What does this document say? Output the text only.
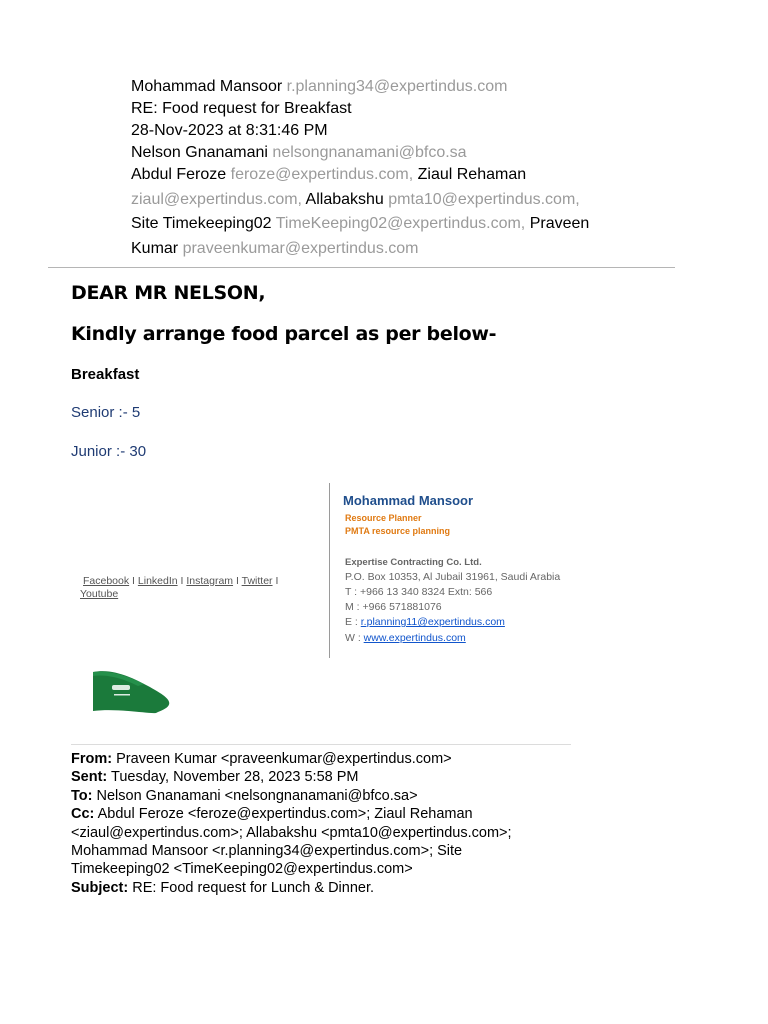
Mohammad Mansoor r.planning34@expertindus.com
RE: Food request for Breakfast
28-Nov-2023 at 8:31:46 PM
Nelson Gnanamani nelsongnanamani@bfco.sa
Abdul Feroze feroze@expertindus.com, Ziaul Rehaman
ziaul@expertindus.com, Allabakshu pmta10@expertindus.com,
Site Timekeeping02 TimeKeeping02@expertindus.com, Praveen
Kumar praveenkumar@expertindus.com
DEAR MR NELSON,
Kindly arrange food parcel as per below-
Breakfast
Senior :- 5
Junior :- 30
Facebook I LinkedIn I Instagram I Twitter I
Youtube
Mohammad Mansoor
Resource Planner
PMTA resource planning
Expertise Contracting Co. Ltd.
P.O. Box 10353, Al Jubail 31961, Saudi Arabia
T : +966 13 340 8324 Extn: 566
M : +966 571881076
E : r.planning11@expertindus.com
W : www.expertindus.com
From: Praveen Kumar <praveenkumar@expertindus.com>
Sent: Tuesday, November 28, 2023 5:58 PM
To: Nelson Gnanamani <nelsongnanamani@bfco.sa>
Cc: Abdul Feroze <feroze@expertindus.com>; Ziaul Rehaman
<ziaul@expertindus.com>; Allabakshu <pmta10@expertindus.com>;
Mohammad Mansoor <r.planning34@expertindus.com>; Site
Timekeeping02 <TimeKeeping02@expertindus.com>
Subject: RE: Food request for Lunch & Dinner.
